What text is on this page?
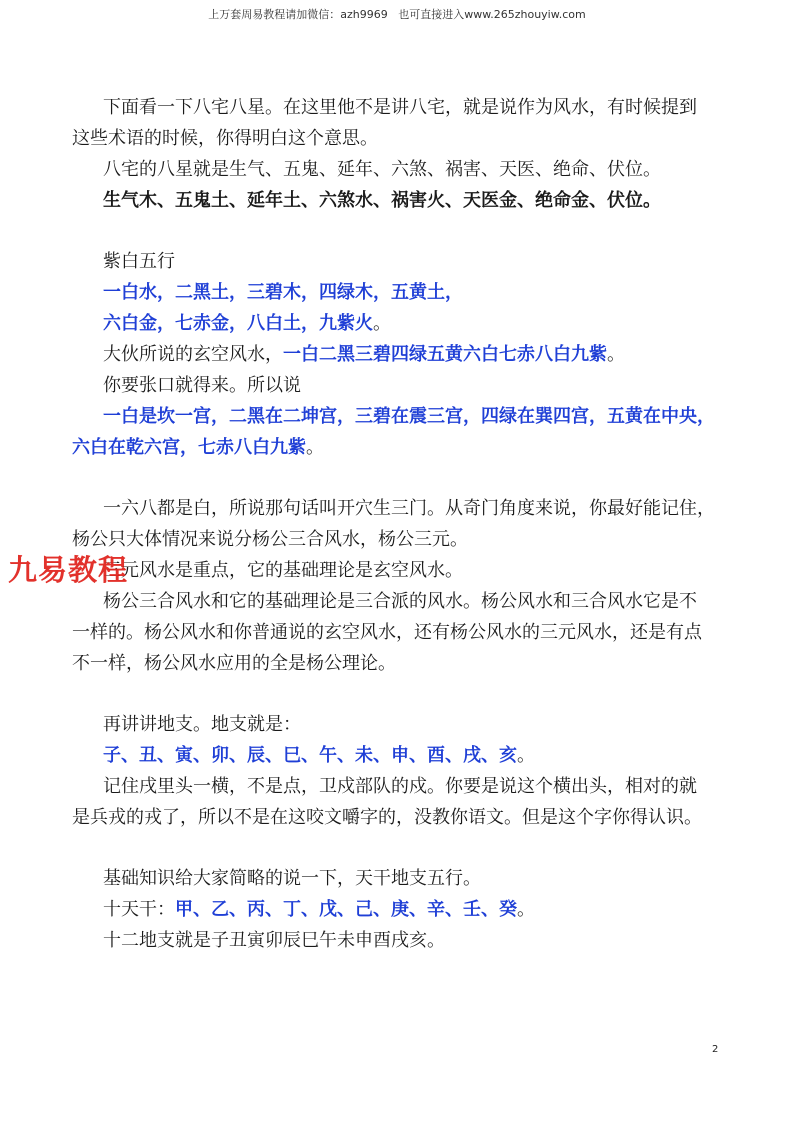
上万套周易教程请加微信：azh9969   也可直接进入www.265zhouyiw.com
下面看一下八宅八星。在这里他不是讲八宅，就是说作为风水，有时候提到
这些术语的时候，你得明白这个意思。
八宅的八星就是生气、五鬼、延年、六煞、祸害、天医、绝命、伏位。
生气木、五鬼土、延年土、六煞水、祸害火、天医金、绝命金、伏位。
紫白五行
一白水，二黑土，三碧木，四绿木，五黄土，
六白金，七赤金，八白土，九紫火。
大伙所说的玄空风水，一白二黑三碧四绿五黄六白七赤八白九紫。
你要张口就得来。所以说
一白是坎一宫，二黑在二坤宫，三碧在震三宫，四绿在巽四宫，五黄在中央，
六白在乾六宫，七赤八白九紫。
一六八都是白，所说那句话叫开穴生三门。从奇门角度来说，你最好能记住，
杨公只大体情况来说分杨公三合风水，杨公三元。
三元风水是重点，它的基础理论是玄空风水。
杨公三合风水和它的基础理论是三合派的风水。杨公风水和三合风水它是不
一样的。杨公风水和你普通说的玄空风水，还有杨公风水的三元风水，还是有点
不一样，杨公风水应用的全是杨公理论。
再讲讲地支。地支就是：
子、丑、寅、卯、辰、巳、午、未、申、酉、戌、亥。
记住戌里头一横，不是点，卫戍部队的戍。你要是说这个横出头，相对的就
是兵戎的戎了，所以不是在这咬文嚼字的，没教你语文。但是这个字你得认识。
基础知识给大家简略的说一下，天干地支五行。
十天干：甲、乙、丙、丁、戊、己、庚、辛、壬、癸。
十二地支就是子丑寅卯辰巳午未申酉戌亥。
九易教程
2
